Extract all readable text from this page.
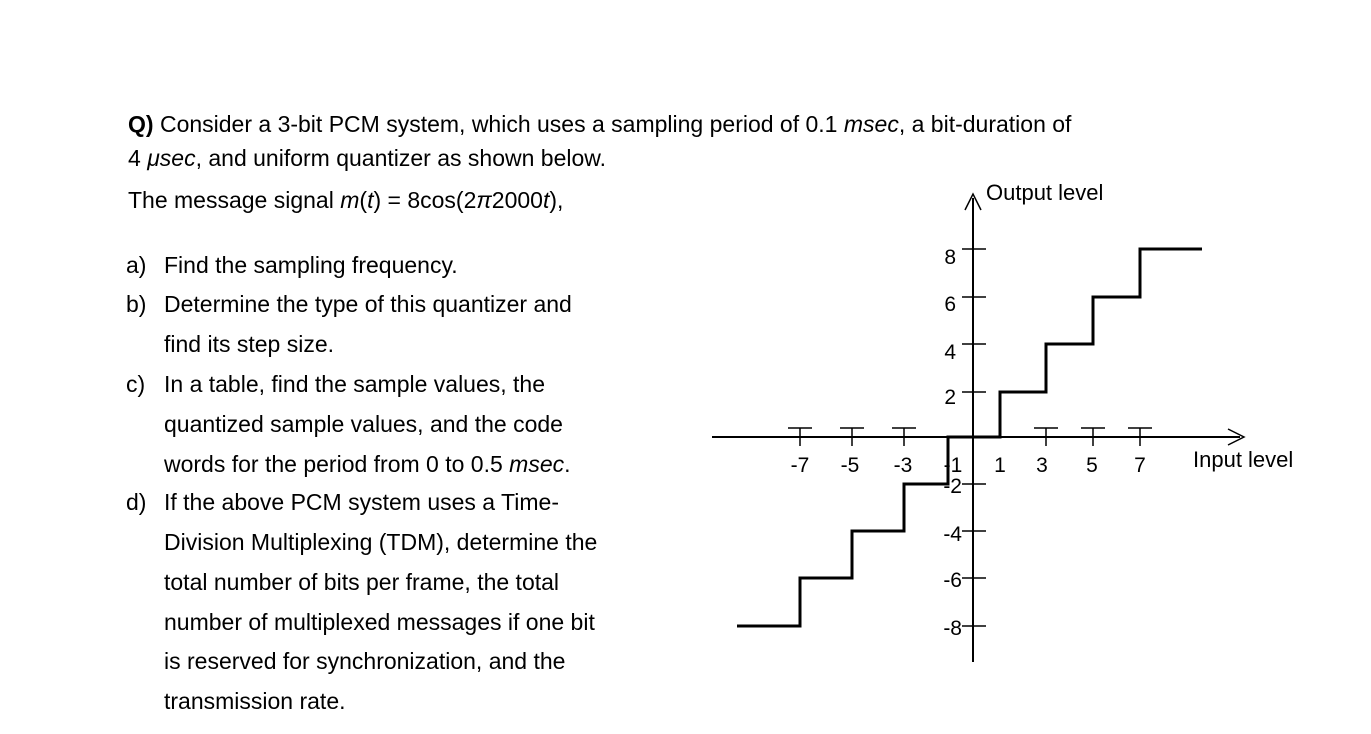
Q) Consider a 3-bit PCM system, which uses a sampling period of 0.1 msec, a bit-duration of
4 μsec, and uniform quantizer as shown below.
The message signal m(t) = 8cos(2π2000t),
a) Find the sampling frequency.
b) Determine the type of this quantizer and
find its step size.
c) In a table, find the sample values, the
quantized sample values, and the code
words for the period from 0 to 0.5 msec.
d) If the above PCM system uses a Time-
Division Multiplexing (TDM), determine the
total number of bits per frame, the total
number of multiplexed messages if one bit
is reserved for synchronization, and the
transmission rate.
Output level
Input level
-7 -5 -3 -1 1 3 5 7
8
6
4
2
-2
-4
-6
-8
